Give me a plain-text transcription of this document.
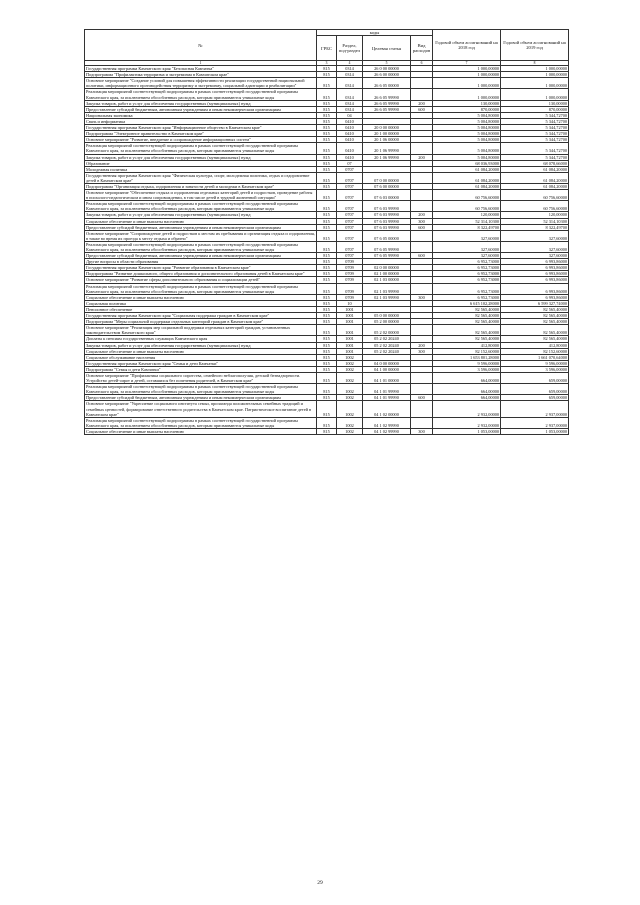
№	коды				Годовой объем ассигнований на 2018 год	Годовой объем ассигнований на 2019 год
	ГРБС	Раздел, под-раздел	Целевая статья	Вид расходов		
1	3	4	5	6	7	8
Государственная программа Камчатского края "Безопасная Камчатка"	815	0314	26 0 00 00000		1 000,00000	1 000,00000
Подпрограмма "Профилактика терроризма и экстремизма в Камчатском крае"	815	0314	26 6 00 00000		1 000,00000	1 000,00000
Основное мероприятие "Создание условий для повышения эффективности реализации государственной национальной политики, информационного противодействия терроризму и экстремизму, социальной адаптации и реабилитации"	815	0314	26 6 05 00000		1 000,00000	1 000,00000
Реализация мероприятий соответствующей подпрограммы в рамках соответствующей государственной программы Камчатского края, за исключением обособленных расходов, которым присваиваются уникальные коды	815	0314	26 6 05 99990		1 000,00000	1 000,00000
Закупка товаров, работ и услуг для обеспечения государственных (муниципальных) нужд	815	0314	26 6 05 99990	200	130,00000	130,00000
Предоставление субсидий бюджетным, автономным учреждениям и иным некоммерческим организациям	815	0314	26 6 05 99990	600	870,00000	870,00000
Национальная экономика	815	04			5 004,80000	5 344,72700
Связь и информатика	815	0410			5 004,80000	5 344,72700
Государственная программа Камчатского края "Информационное общество в Камчатском крае"	815	0410	20 0 00 00000		5 004,80000	5 344,72700
Подпрограмма "Электронное правительство в Камчатском крае"	815	0410	20 1 00 00000		5 004,80000	5 344,72700
Основное мероприятие "Развитие, внедрение и сопровождение информационных систем"	815	0410	20 1 06 00000		5 004,80000	5 344,72700
Реализация мероприятий соответствующей подпрограммы в рамках соответствующей государственной программы Камчатского края, за исключением обособленных расходов, которым присваиваются уникальные коды	815	0410	20 1 06 99990		5 004,80000	5 344,72700
Закупка товаров, работ и услуг для обеспечения государственных (муниципальных) нужд	815	0410	20 1 06 99990	200	5 004,80000	5 344,72700
Образование	815	07			68 036,93000	68 078,66000
Молодежная политика	815	0707			61 084,20000	61 084,20000
Государственная программа Камчатского края "Физическая культура, спорт, молодежная политика, отдых и оздоровление детей в Камчатском крае"	815	0707	07 0 00 00000		61 084,20000	61 084,20000
Подпрограмма "Организация отдыха, оздоровления и занятости детей и молодежи в Камчатском крае"	815	0707	07 6 00 00000		61 084,20000	61 084,20000
Основное мероприятие "Обеспечение отдыха и оздоровления отдельных категорий детей и подростков, проведение работы в психолого-педагогическом и ином сопровождении, в том числе детей в трудной жизненной ситуации"	815	0707	07 6 03 00000		60 756,60000	60 756,60000
Реализация мероприятий соответствующей подпрограммы в рамках соответствующей государственной программы Камчатского края, за исключением обособленных расходов, которым присваиваются уникальные коды	815	0707	07 6 03 99990		60 756,60000	60 756,60000
Закупка товаров, работ и услуг для обеспечения государственных (муниципальных) нужд	815	0707	07 6 03 99990	200	120,00000	120,00000
Социальное обеспечение и иные выплаты населению	815	0707	07 6 03 99990	300	52 314,10300	52 314,10300
Предоставление субсидий бюджетным, автономным учреждениям и иным некоммерческим организациям	815	0707	07 6 03 99990	600	8 322,49700	8 322,49700
Основное мероприятие "Сопровождение детей и подростков к местам их пребывания и организация отдыха и оздоровления, в также во время их проезда к месту отдыха и обратно"	815	0707	07 6 05 00000		327,60000	327,60000
Реализация мероприятий соответствующей подпрограммы в рамках соответствующей государственной программы Камчатского края, за исключением обособленных расходов, которым присваиваются уникальные коды	815	0707	07 6 05 99990		327,60000	327,60000
Предоставление субсидий бюджетным, автономным учреждениям и иным некоммерческим организациям	815	0707	07 6 05 99990	600	327,60000	327,60000
Другие вопросы в области образования	815	0709			6 952,73000	6 993,86000
Государственная программа Камчатского края "Развитие образования в Камчатском крае"	815	0709	02 0 00 00000		6 952,73000	6 993,86000
Подпрограмма "Развитие дошкольного, общего образования и дополнительного образования детей в Камчатском крае"	815	0709	02 1 00 00000		6 952,73000	6 993,86000
Основное мероприятие "Развитие сферы дополнительного образования и социализации детей"	815	0709	02 1 03 00000		6 952,73000	6 993,86000
Реализация мероприятий соответствующей подпрограммы в рамках соответствующей государственной программы Камчатского края, за исключением обособленных расходов, которым присваиваются уникальные коды	815	0709	02 1 03 99990		6 952,73000	6 993,86000
Социальное обеспечение и иные выплаты населению	815	0709	02 1 03 99990	300	6 952,73000	6 993,86000
Социальная политика	815	10			6 615 102,28000	6 599 327,74000
Пенсионное обеспечение	815	1001			82 565,40000	82 565,40000
Государственная программа Камчатского края "Социальная поддержка граждан в Камчатском крае"	815	1001	05 0 00 00000		82 565,40000	82 565,40000
Подпрограмма "Меры социальной поддержки отдельных категорий граждан в Камчатском крае"	815	1001	05 2 00 00000		82 565,40000	82 565,40000
Основное мероприятие "Реализация мер социальной поддержки отдельных категорий граждан, установленных законодательством Камчатского края"	815	1001	05 2 02 00000		82 565,40000	82 565,40000
Доплаты к пенсиям государственных служащих Камчатского края	815	1001	05 2 02 20240		82 565,40000	82 565,40000
Закупка товаров, работ и услуг для обеспечения государственных (муниципальных) нужд	815	1001	05 2 02 20240	200	412,80000	412,80000
Социальное обеспечение и иные выплаты населению	815	1001	05 2 02 20240	300	82 152,60000	82 152,60000
Социальное обслуживание населения	815	1002			1 653 801,28000	1 661 070,64000
Государственная программа Камчатского края "Семья и дети Камчатки"	815	1002	04 0 00 00000		9 596,00000	9 596,00000
Подпрограмма "Семья и дети Камчатки"	815	1002	04 1 00 00000		3 596,00000	3 596,00000
Основное мероприятие "Профилактика социального сиротства, семейного неблагополучия, детской безнадзорности. Устройство детей-сирот и детей, оставшихся без попечения родителей, в Камчатском крае"	815	1002	04 1 01 00000		664,00000	659,00000
Реализация мероприятий соответствующей подпрограммы в рамках соответствующей государственной программы Камчатского края, за исключением обособленных расходов, которым присваиваются уникальные коды	815	1002	04 1 01 99990		664,00000	659,00000
Предоставление субсидий бюджетным, автономным учреждениям и иным некоммерческим организациям	815	1002	04 1 01 99990	600	664,00000	659,00000
Основное мероприятие "Укрепление социального института семьи, пропаганда положительных семейных традиций и семейных ценностей, формирование ответственного родительства в Камчатском крае. Патриотическое воспитание детей в Камчатском крае"	815	1002	04 1 02 00000		2 932,00000	2 937,00000
Реализация мероприятий соответствующей подпрограммы в рамках соответствующей государственной программы Камчатского края, за исключением обособленных расходов, которым присваиваются уникальные коды	815	1002	04 1 02 99990		2 932,00000	2 937,00000
Социальное обеспечение и иные выплаты населению	815	1002	04 1 02 99990	300	1 053,00000	1 053,00000
29
